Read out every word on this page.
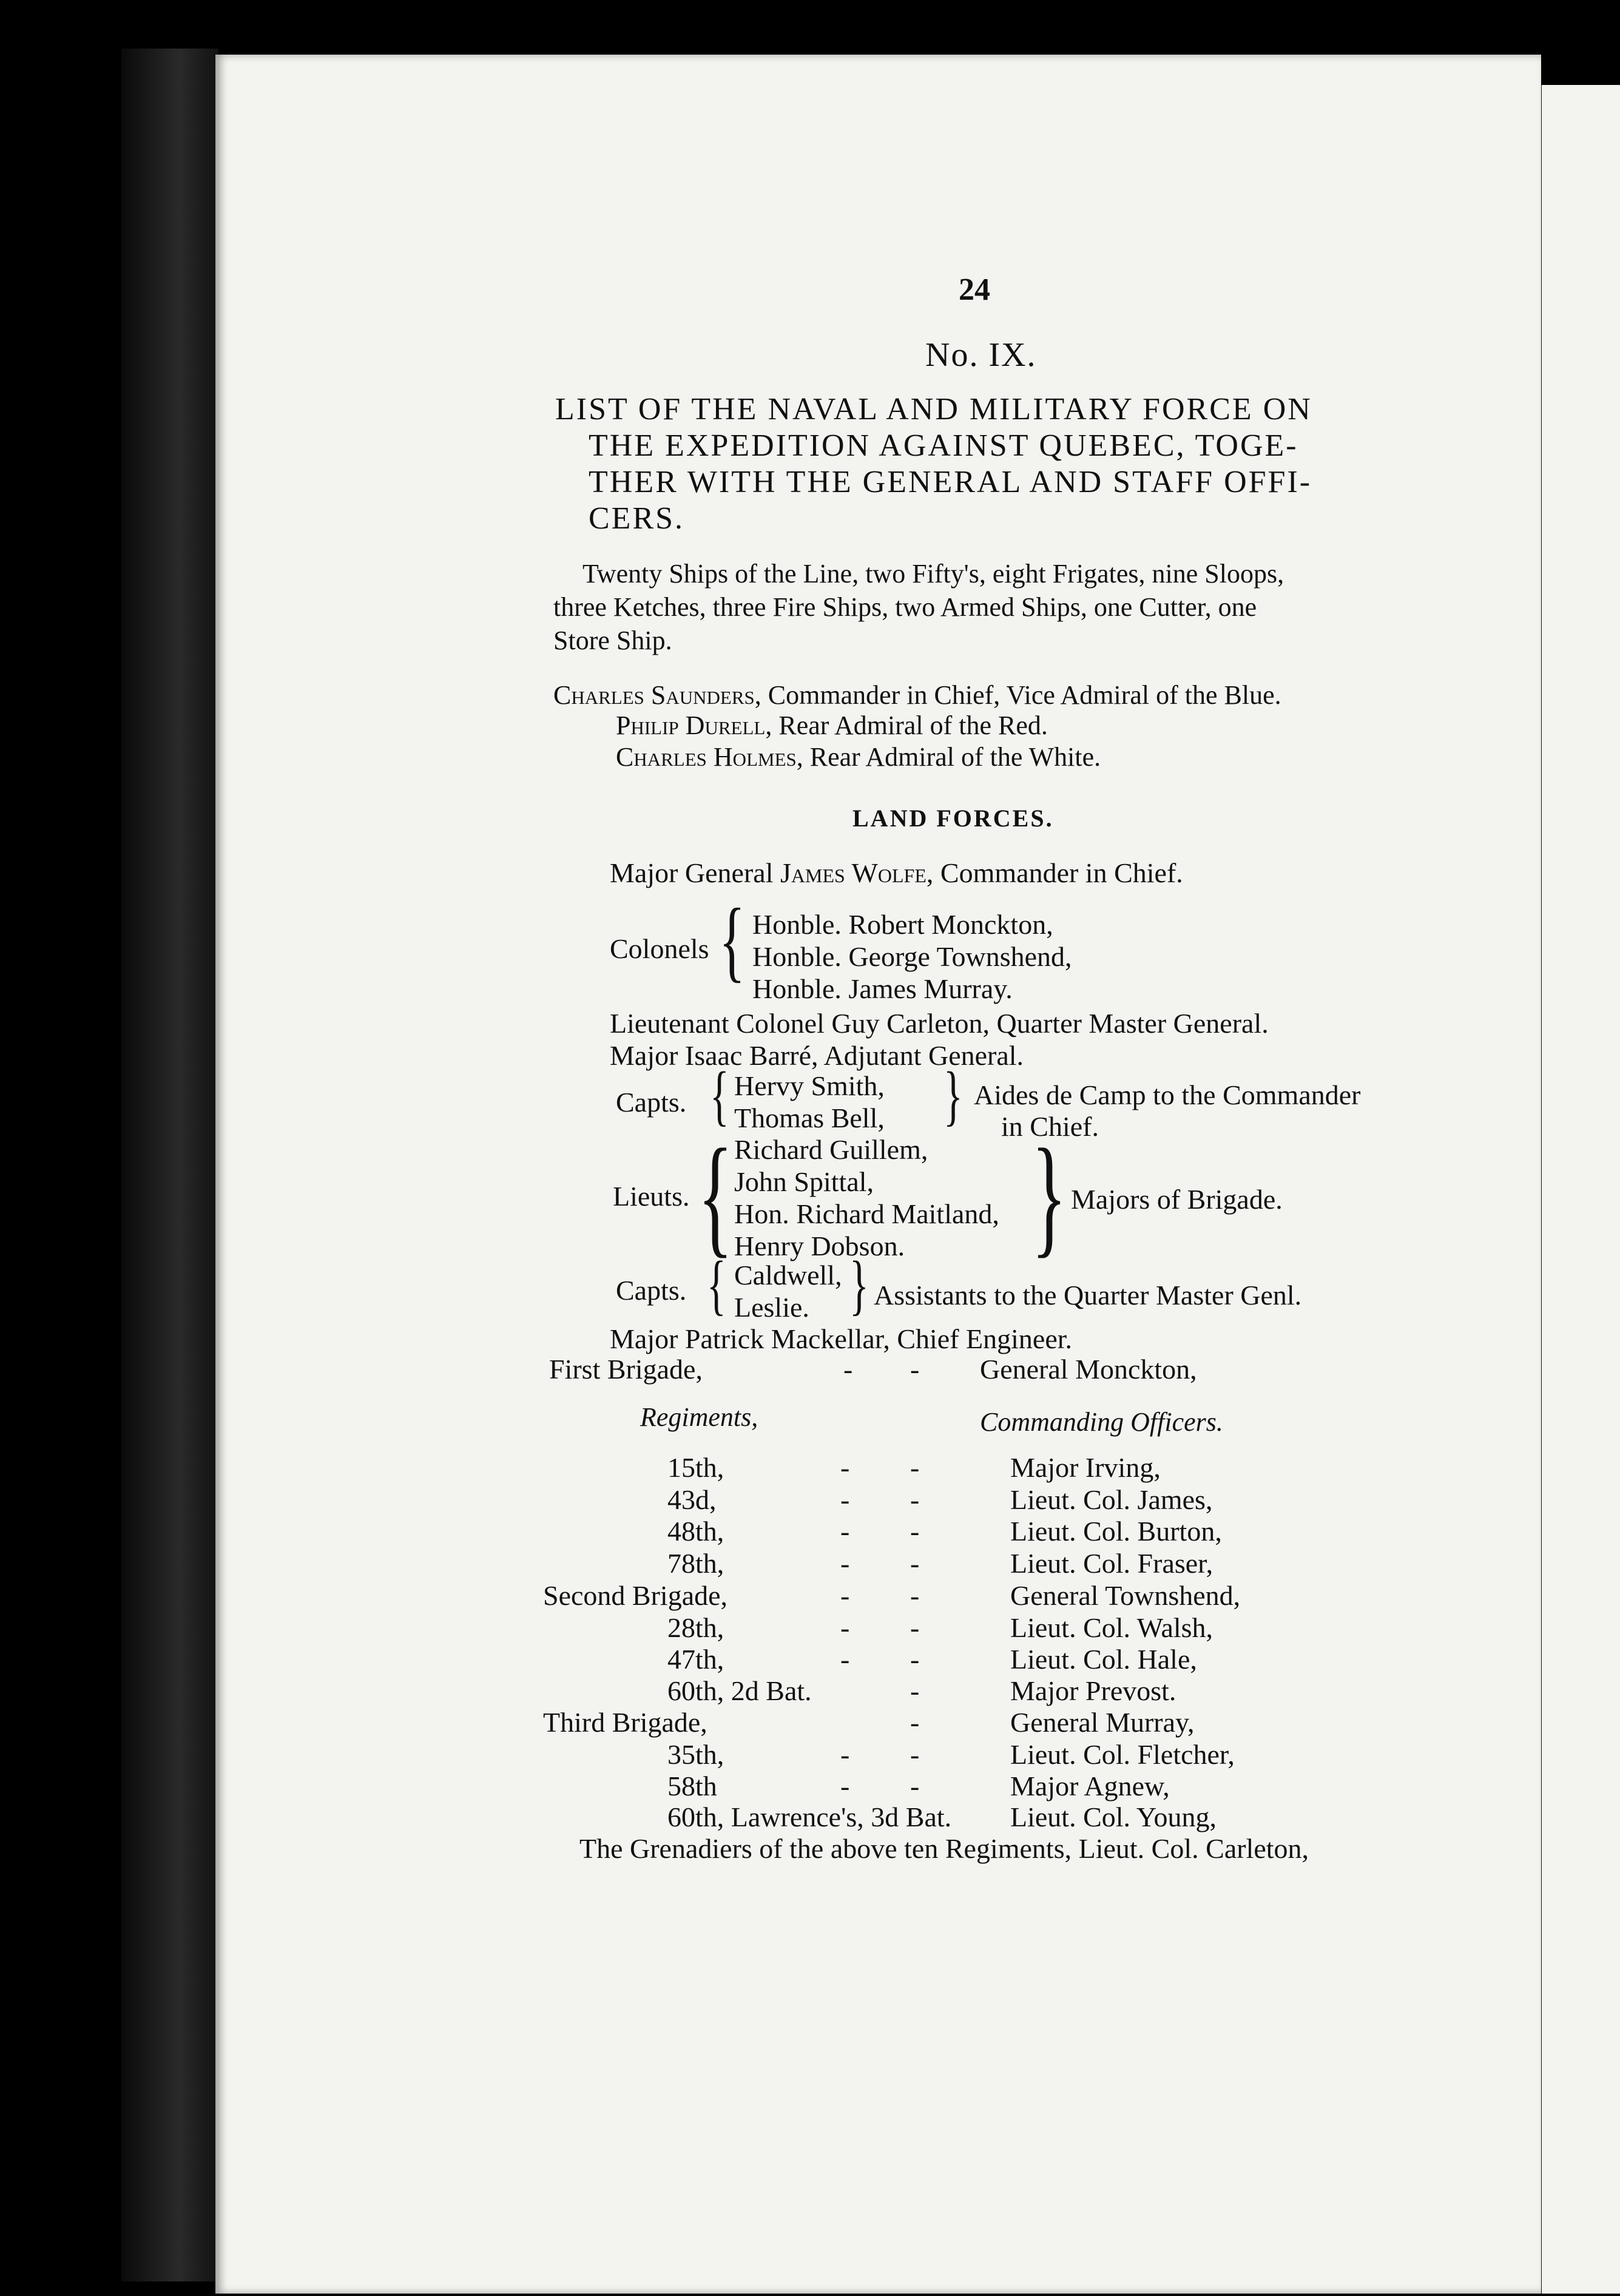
24
No. IX.
LIST OF THE NAVAL AND MILITARY FORCE ON
THE EXPEDITION AGAINST QUEBEC, TOGE-
THER WITH THE GENERAL AND STAFF OFFI-
CERS.
Twenty Ships of the Line, two Fifty's, eight Frigates, nine Sloops,
three Ketches, three Fire Ships, two Armed Ships, one Cutter, one
Store Ship.
Charles Saunders, Commander in Chief, Vice Admiral of the Blue.
Philip Durell, Rear Admiral of the Red.
Charles Holmes, Rear Admiral of the White.
LAND FORCES.
Major General James Wolfe, Commander in Chief.
Colonels { Honble. Robert Monckton,
Honble. George Townshend,
Honble. James Murray.
Lieutenant Colonel Guy Carleton, Quarter Master General.
Major Isaac Barré, Adjutant General.
Capts. { Hervy Smith,
Thomas Bell, } Aides de Camp to the Commander
in Chief.
Lieuts. { Richard Guillem,
John Spittal,
Hon. Richard Maitland,
Henry Dobson. } Majors of Brigade.
Capts. { Caldwell,
Leslie. } Assistants to the Quarter Master Genl.
Major Patrick Mackellar, Chief Engineer.
First Brigade,	- - General Monckton,
Regiments,	Commanding Officers.
15th,	- -	Major Irving,
43d,	- -	Lieut. Col. James,
48th,	- -	Lieut. Col. Burton,
78th,	- -	Lieut. Col. Fraser,
Second Brigade,	- -	General Townshend,
28th,	- -	Lieut. Col. Walsh,
47th,	- -	Lieut. Col. Hale,
60th, 2d Bat.	-	Major Prevost.
Third Brigade,	-	General Murray,
35th,	- -	Lieut. Col. Fletcher,
58th	- -	Major Agnew,
60th, Lawrence's, 3d Bat. Lieut. Col. Young,
The Grenadiers of the above ten Regiments, Lieut. Col. Carleton,
